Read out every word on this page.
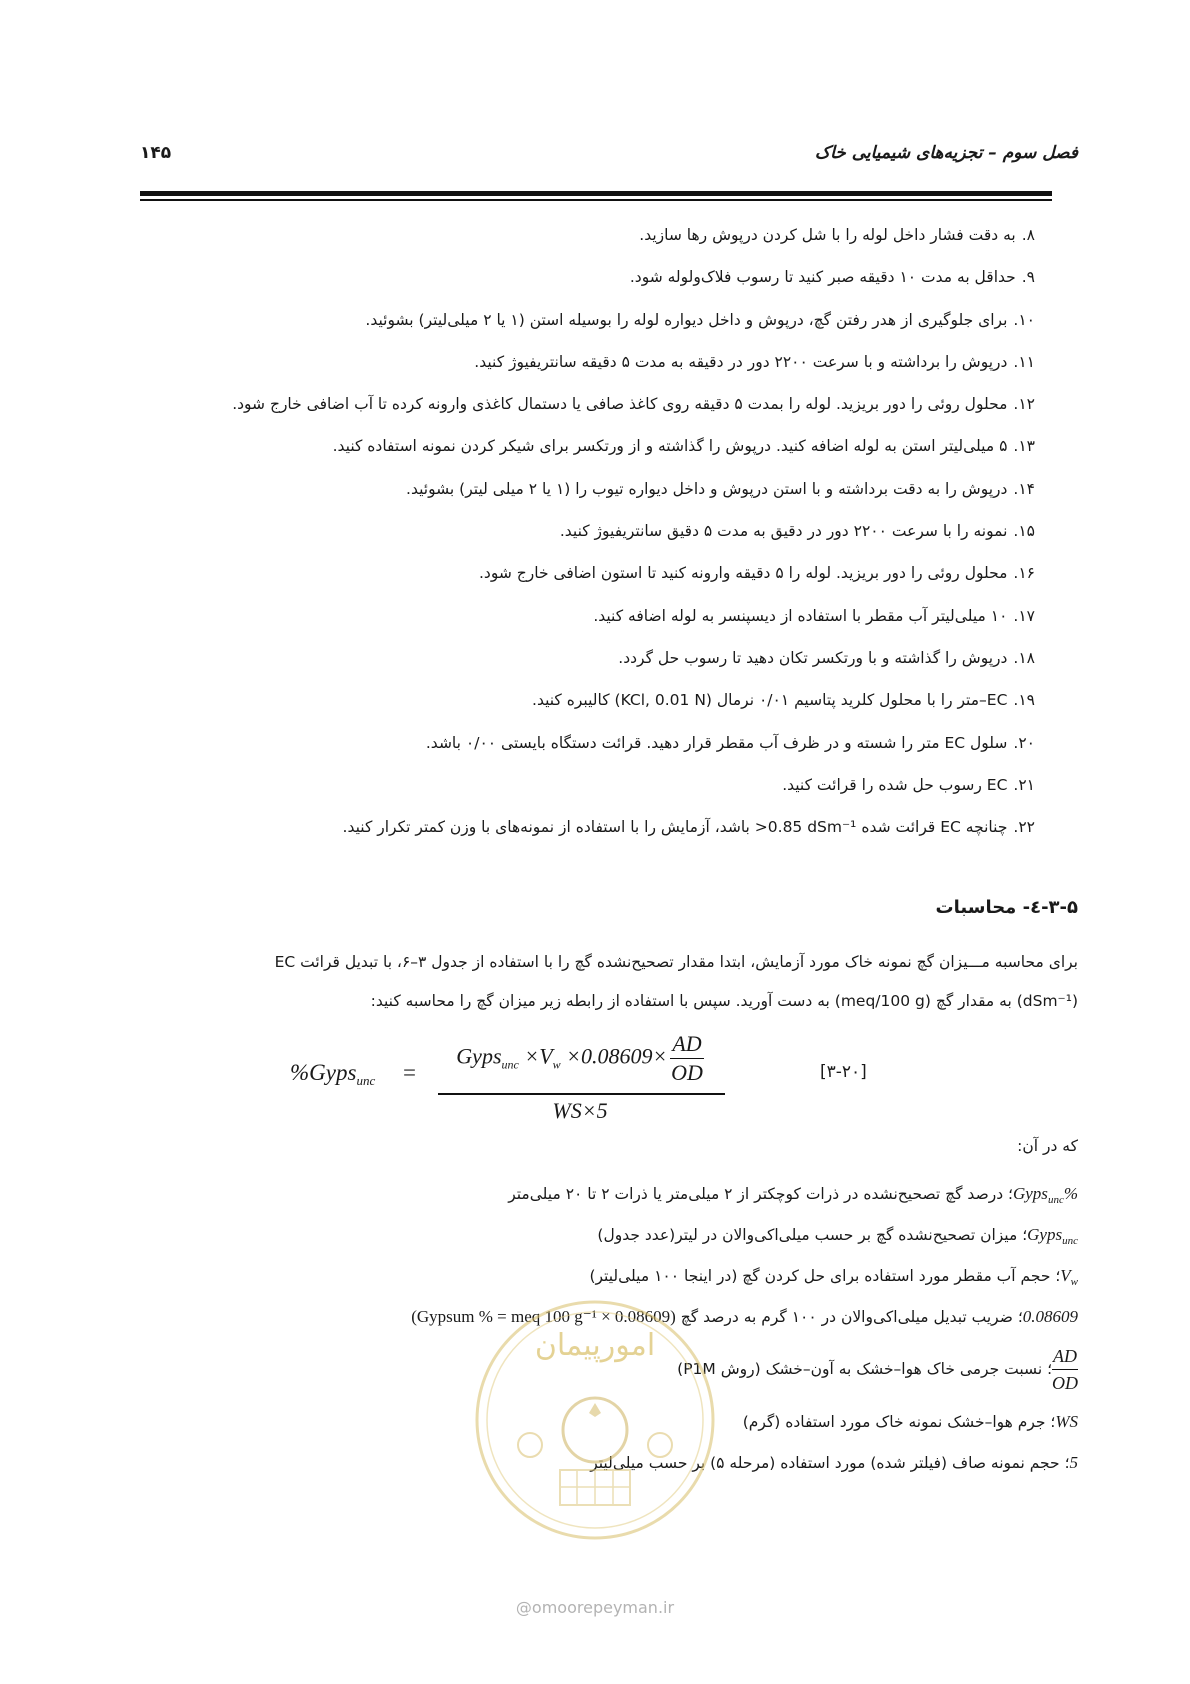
فصل سوم – تجزیه‌های شیمیایی خاک
۱۴۵
۸.به دقت فشار داخل لوله را با شل کردن درپوش رها سازید.
۹.حداقل به مدت ۱۰ دقیقه صبر کنید تا رسوب فلاک‌ولوله شود.
۱۰.برای جلوگیری از هدر رفتن گچ، درپوش و داخل دیواره لوله را بوسیله استن (۱ یا ۲ میلی‌لیتر) بشوئید.
۱۱.درپوش را برداشته و با سرعت ۲۲۰۰ دور در دقیقه به مدت ۵ دقیقه سانتریفیوژ کنید.
۱۲.محلول روئی را دور بریزید. لوله را بمدت ۵ دقیقه روی کاغذ صافی یا دستمال کاغذی وارونه کرده تا آب اضافی خارج شود.
۱۳.۵ میلی‌لیتر استن به لوله اضافه کنید. درپوش را گذاشته و از ورتکسر برای شیکر کردن نمونه استفاده کنید.
۱۴.درپوش را به دقت برداشته و با استن درپوش و داخل دیواره تیوب را (۱ یا ۲ میلی لیتر) بشوئید.
۱۵.نمونه را با سرعت ۲۲۰۰ دور در دقیق به مدت ۵ دقیق سانتریفیوژ کنید.
۱۶.محلول روئی را دور بریزید. لوله را ۵ دقیقه وارونه کنید تا استون اضافی خارج شود.
۱۷.۱۰ میلی‌لیتر آب مقطر با استفاده از دیسپنسر به لوله اضافه کنید.
۱۸.درپوش را گذاشته و با ورتکسر تکان دهید تا رسوب حل گردد.
۱۹.EC–متر را با محلول کلرید پتاسیم ۰/۰۱ نرمال (KCl, 0.01 N) کالیبره کنید.
۲۰.سلول EC متر را شسته و در ظرف آب مقطر قرار دهید. قرائت دستگاه بایستی ۰/۰۰ باشد.
۲۱.EC رسوب حل شده را قرائت کنید.
۲۲.چنانچه EC قرائت شده ‎>0.85 dSm⁻¹‎ باشد، آزمایش را با استفاده از نمونه‌های با وزن کمتر تکرار کنید.
۳-۵-٤- محاسبات
برای محاسبه مـــیزان گچ نمونه خاک مورد آزمایش، ابتدا مقدار تصحیح‌نشده گچ را با استفاده از جدول ۳–۶، با تبدیل قرائت EC
(dSm⁻¹) به مقدار گچ (meq/100 g) به دست آورید. سپس با استفاده از رابطه زیر میزان گچ را محاسبه کنید:
%Gyps$_{unc}$ =
Gyps$_{unc}$ $\times V_w \times 0.08609\times \frac{AD}{OD}$
WS×5
[۳-۲۰]
که در آن:
%Gyps$_{unc}$؛ درصد گچ تصحیح‌نشده در ذرات کوچکتر از ۲ میلی‌متر یا ذرات ۲ تا ۲۰ میلی‌متر
Gyps$_{unc}$؛ میزان تصحیح‌نشده گچ بر حسب میلی‌اکی‌والان در لیتر(عدد جدول)
$V_w؛$ حجم آب مقطر مورد استفاده برای حل کردن گچ (در اینجا ۱۰۰ میلی‌لیتر)
0.08609؛ ضریب تبدیل میلی‌اکی‌والان در ۱۰۰ گرم به درصد گچ (Gypsum % = meq 100 g⁻¹ × 0.08609)
$\frac{AD}{OD}$
؛ نسبت جرمی خاک هوا–خشک به آون–خشک (روش P1M)
WS؛ جرم هوا–خشک نمونه خاک مورد استفاده (گرم)
5؛ حجم نمونه صاف (فیلتر شده) مورد استفاده (مرحله ۵) بر حسب میلی‌لیتر
امورپیمان
@omoorepeyman.ir
